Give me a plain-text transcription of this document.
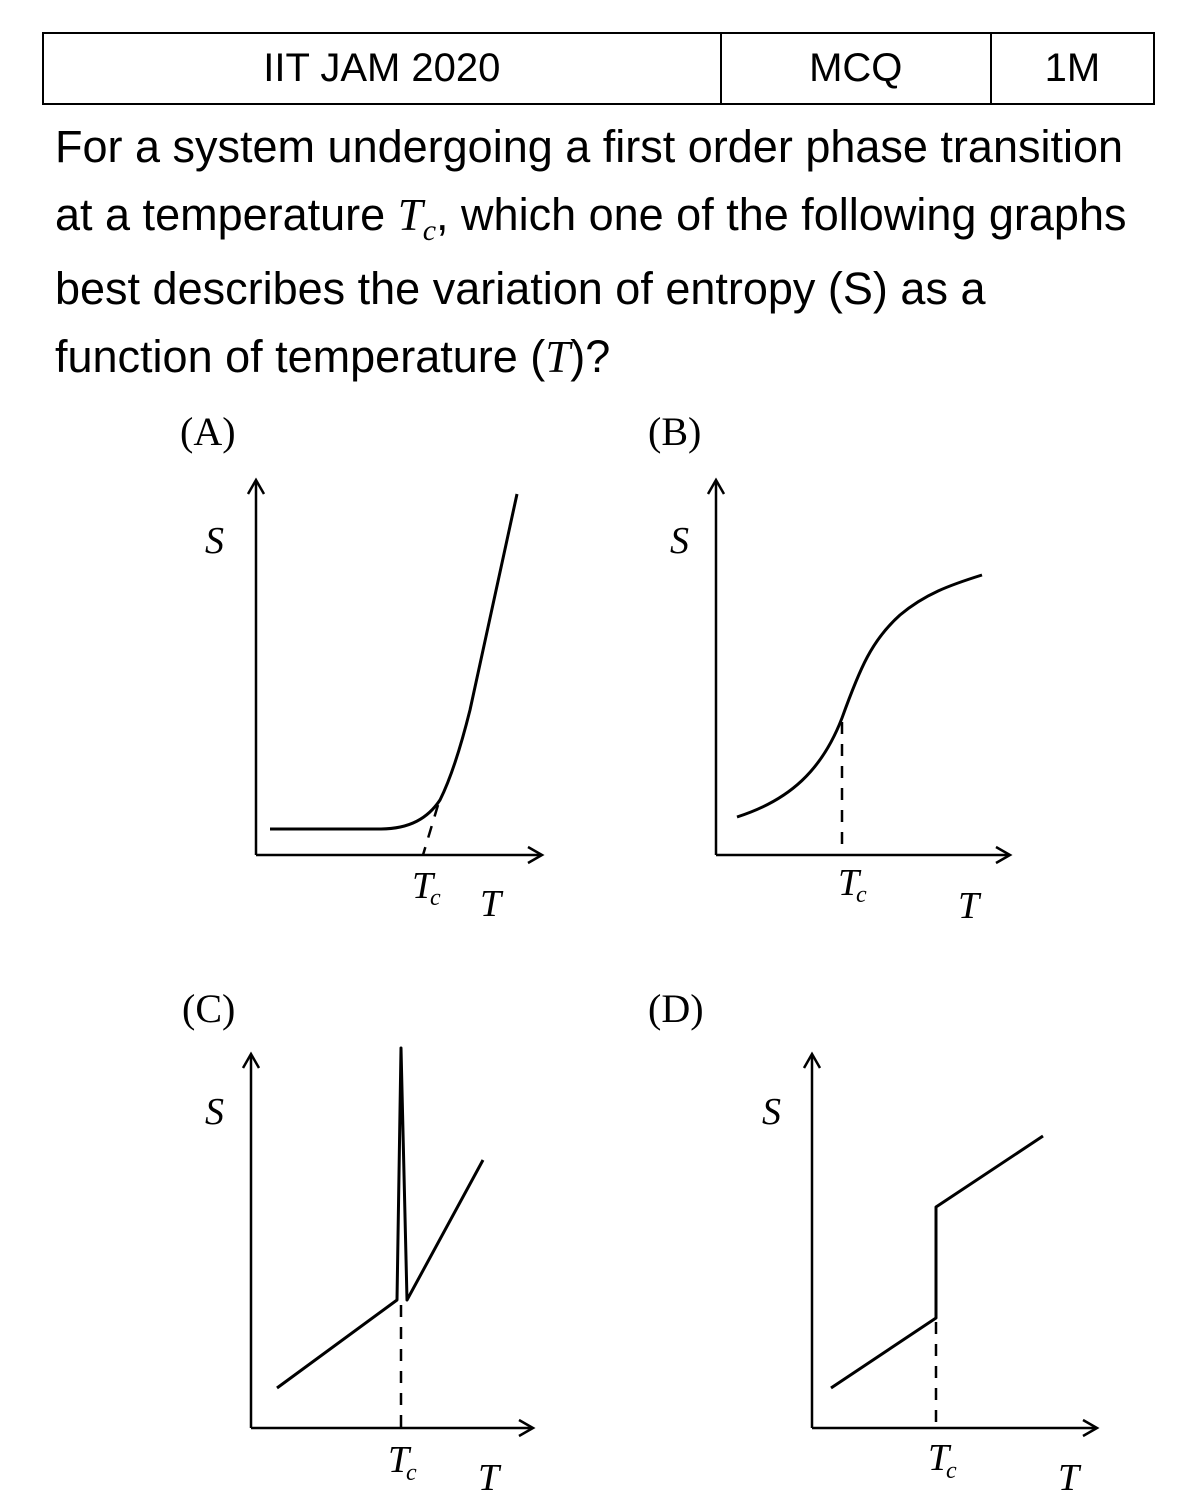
IIT JAM 2020	MCQ	1M

For a system undergoing a first order phase transition at a temperature $T_c$, which one of the following graphs best describes the variation of entropy (S) as a function of temperature (T)?

(A)	(B)
(C)	(D)
S
T
c T
S
T
c T
S
T
c T
S
T
c	T
